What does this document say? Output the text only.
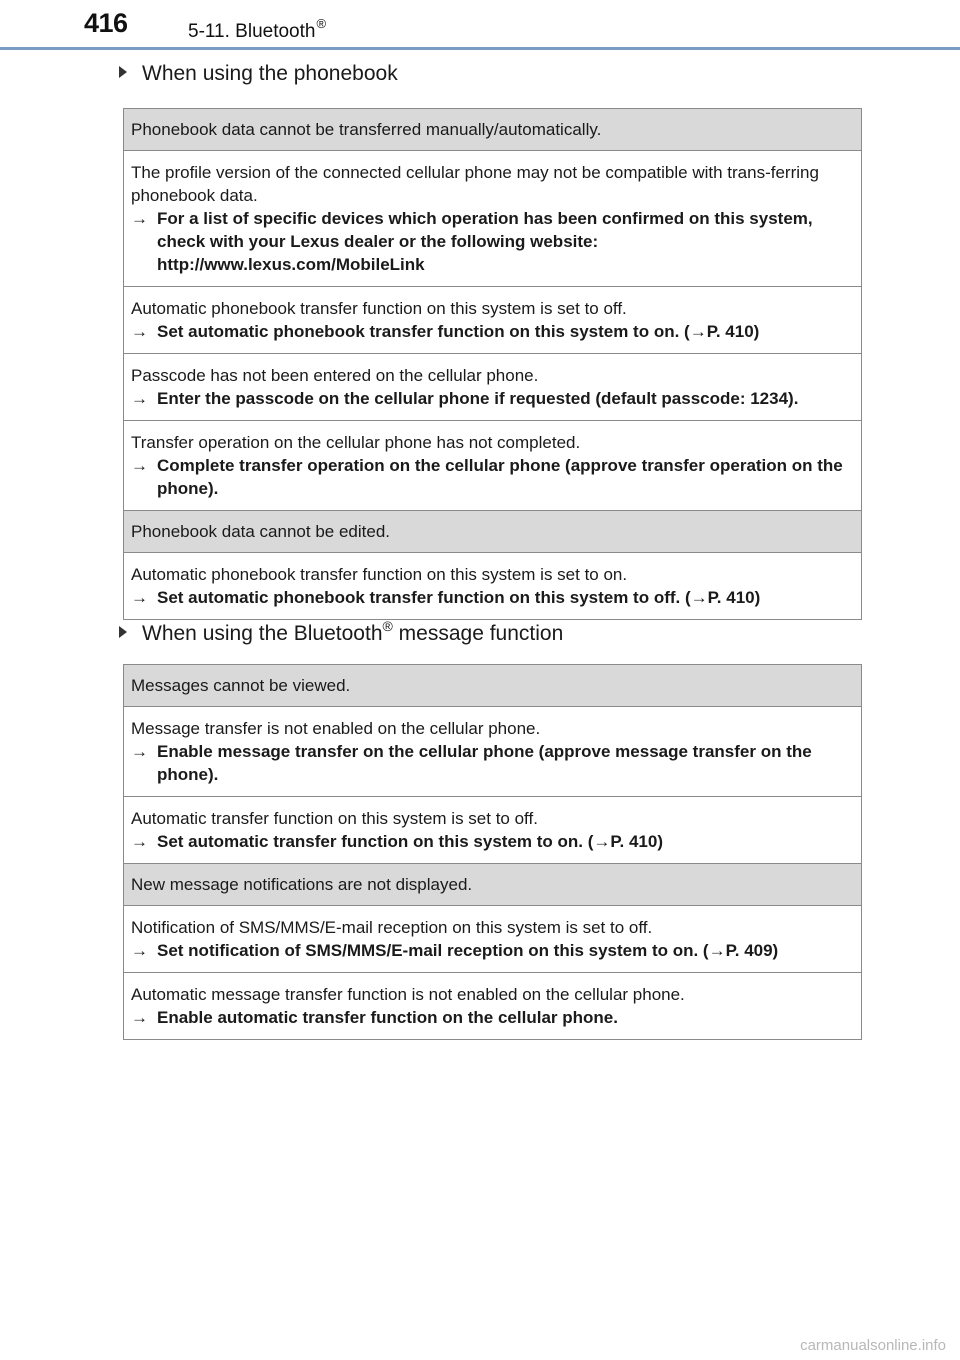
416	5-11. Bluetooth®
When using the phonebook
Phonebook data cannot be transferred manually/automatically.
The profile version of the connected cellular phone may not be compatible with trans-ferring phonebook data.
→ For a list of specific devices which operation has been confirmed on this system, check with your Lexus dealer or the following website: http://www.lexus.com/MobileLink
Automatic phonebook transfer function on this system is set to off.
→ Set automatic phonebook transfer function on this system to on. (→P. 410)
Passcode has not been entered on the cellular phone.
→ Enter the passcode on the cellular phone if requested (default passcode: 1234).
Transfer operation on the cellular phone has not completed.
→ Complete transfer operation on the cellular phone (approve transfer operation on the phone).
Phonebook data cannot be edited.
Automatic phonebook transfer function on this system is set to on.
→ Set automatic phonebook transfer function on this system to off. (→P. 410)
When using the Bluetooth® message function
Messages cannot be viewed.
Message transfer is not enabled on the cellular phone.
→ Enable message transfer on the cellular phone (approve message transfer on the phone).
Automatic transfer function on this system is set to off.
→ Set automatic transfer function on this system to on. (→P. 410)
New message notifications are not displayed.
Notification of SMS/MMS/E-mail reception on this system is set to off.
→ Set notification of SMS/MMS/E-mail reception on this system to on. (→P. 409)
Automatic message transfer function is not enabled on the cellular phone.
→ Enable automatic transfer function on the cellular phone.
carmanualsonline.info
